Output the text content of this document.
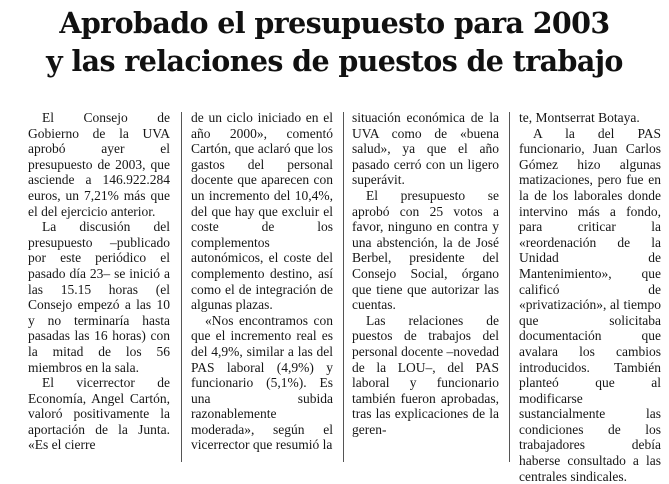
Aprobado el presupuesto para 2003
y las relaciones de puestos de trabajo

El Consejo de Gobierno de la UVA aprobó ayer el presupuesto de 2003, que asciende a 146.922.284 euros, un 7,21% más que el del ejercicio anterior.

La discusión del presupuesto –publicado por este periódico el pasado día 23– se inició a las 15.15 horas (el Consejo empezó a las 10 y no terminaría hasta pasadas las 16 horas) con la mitad de los 56 miembros en la sala.

El vicerrector de Economía, Angel Cartón, valoró positivamente la aportación de la Junta. «Es el cierre

de un ciclo iniciado en el año 2000», comentó Cartón, que aclaró que los gastos del personal docente que aparecen con un incremento del 10,4%, del que hay que excluir el coste de los complementos autonómicos, el coste del complemento destino, así como el de integración de algunas plazas.

«Nos encontramos con que el incremento real es del 4,9%, similar a las del PAS laboral (4,9%) y funcionario (5,1%). Es una subida razonablemente moderada», según el vicerrector que resumió la

situación económica de la UVA como de «buena salud», ya que el año pasado cerró con un ligero superávit.

El presupuesto se aprobó con 25 votos a favor, ninguno en contra y una abstención, la de José Berbel, presidente del Consejo Social, órgano que tiene que autorizar las cuentas.

Las relaciones de puestos de trabajos del personal docente –novedad de la LOU–, del PAS laboral y funcionario también fueron aprobadas, tras las explicaciones de la geren-

te, Montserrat Botaya.

A la del PAS funcionario, Juan Carlos Gómez hizo algunas matizaciones, pero fue en la de los laborales donde intervino más a fondo, para criticar la «reordenación de la Unidad de Mantenimiento», que calificó de «privatización», al tiempo que solicitaba documentación que avalara los cambios introducidos. También planteó que al modificarse sustancialmente las condiciones de los trabajadores debía haberse consultado a las centrales sindicales.
